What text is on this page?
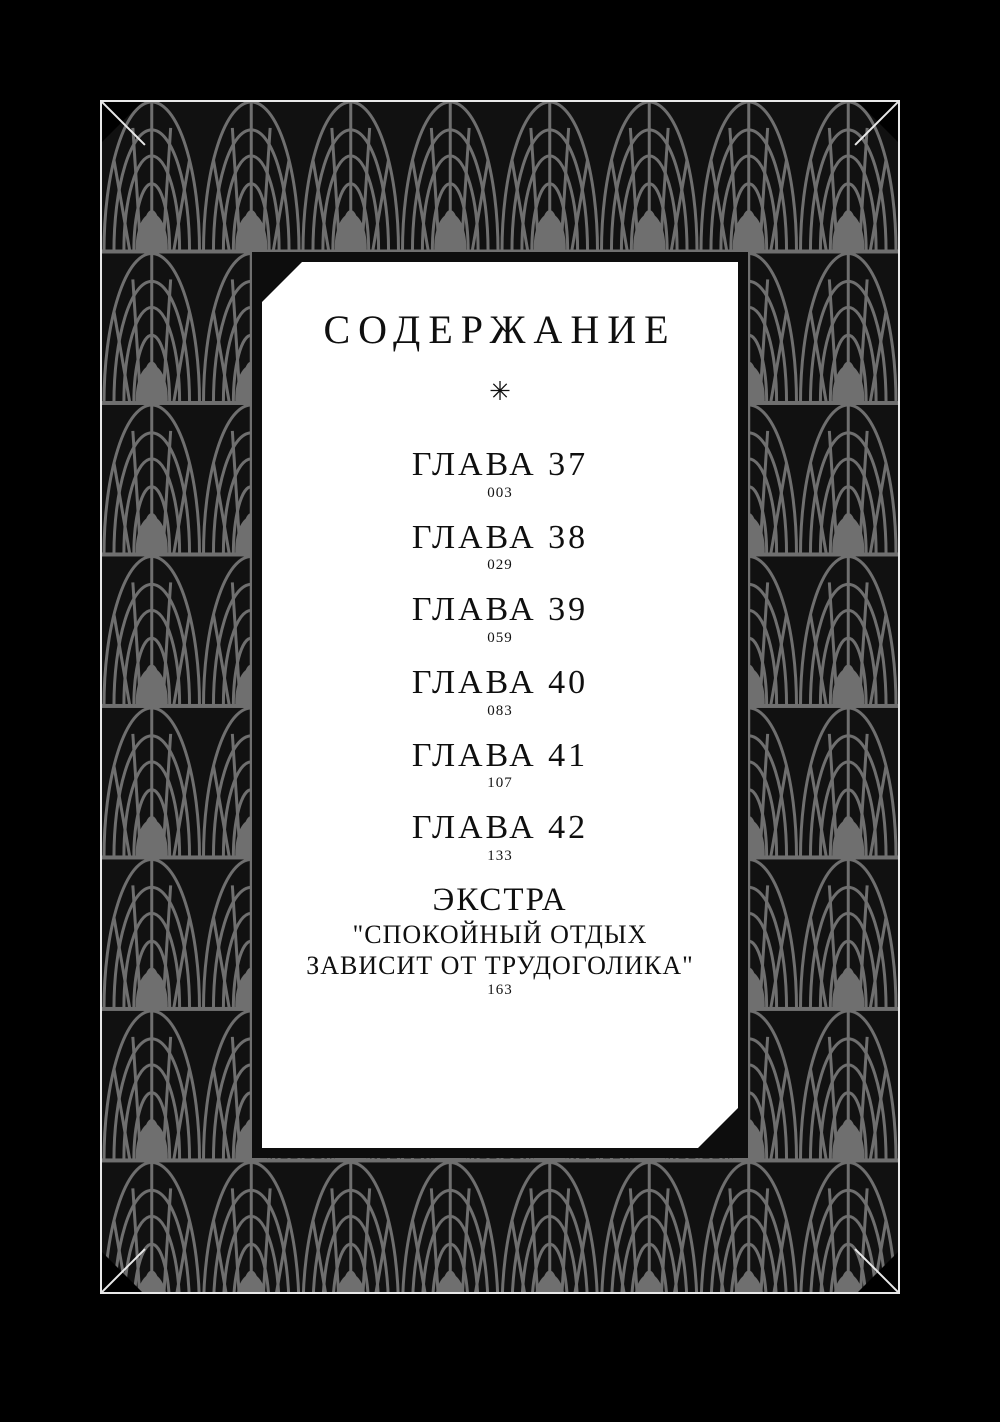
СОДЕРЖАНИЕ
✳
ГЛАВА 37
003
ГЛАВА 38
029
ГЛАВА 39
059
ГЛАВА 40
083
ГЛАВА 41
107
ГЛАВА 42
133
ЭКСТРА
"СПОКОЙНЫЙ ОТДЫХ
ЗАВИСИТ ОТ ТРУДОГОЛИКА"
163
